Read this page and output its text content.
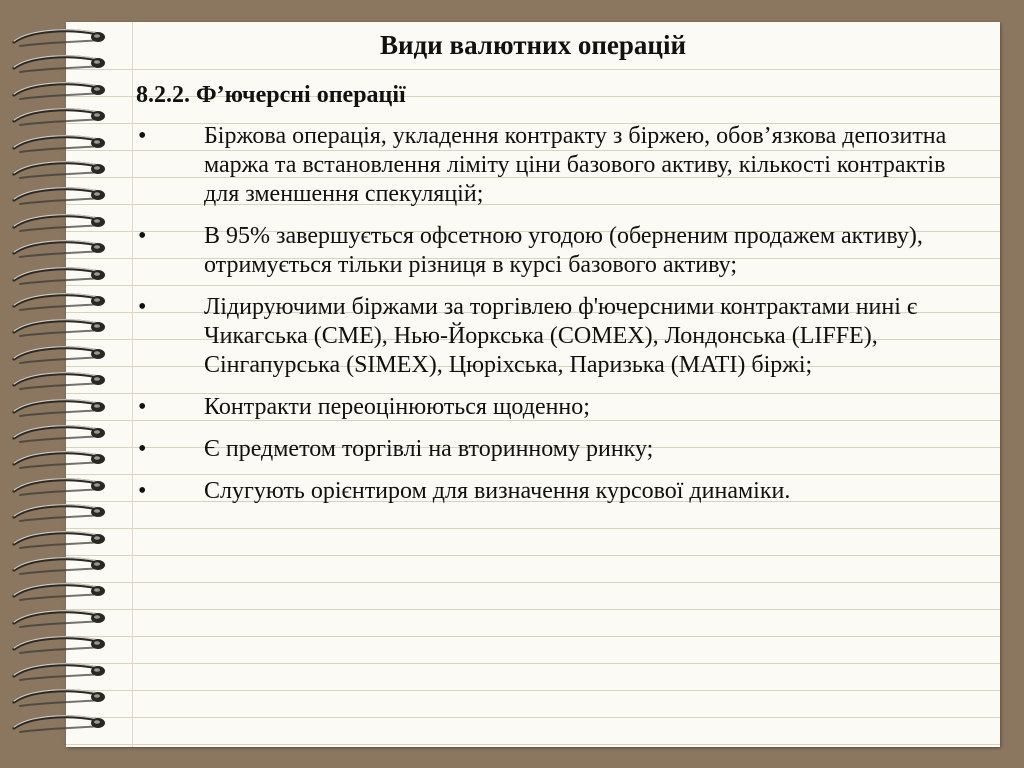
Види валютних операцій
8.2.2. Ф’ючерсні операції
• Біржова операція, укладення контракту з біржею, обов’язкова депозитна маржа та встановлення ліміту ціни базового активу, кількості контрактів для зменшення спекуляцій;
• В 95% завершується офсетною угодою (оберненим продажем активу), отримується тільки різниця в курсі базового активу;
• Лідируючими біржами за торгівлею ф'ючерсними контрактами нині є Чикагська (CME), Нью-Йоркська (COMEX), Лондонська (LIFFE), Сінгапурська (SIMEX), Цюріхська, Паризька (MATI) біржі;
• Контракти переоцінюються щоденно;
• Є предметом торгівлі на вторинному ринку;
• Слугують орієнтиром для визначення курсової динаміки.
